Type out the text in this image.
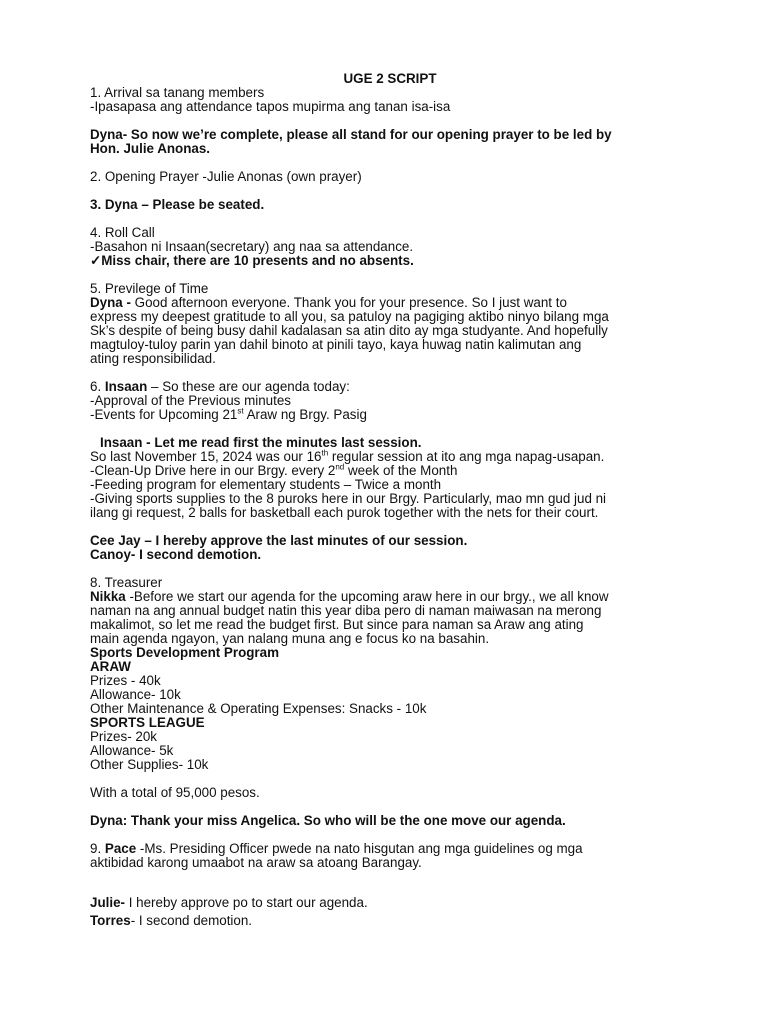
UGE 2 SCRIPT
1. Arrival sa tanang members
-Ipasapasa ang attendance tapos mupirma ang tanan isa-isa
Dyna- So now we’re complete, please all stand for our opening prayer to be led by
Hon. Julie Anonas.
2. Opening Prayer -Julie Anonas (own prayer)
3. Dyna – Please be seated.
4. Roll Call
-Basahon ni Insaan(secretary) ang naa sa attendance.
✓Miss chair, there are 10 presents and no absents.
5. Previlege of Time
Dyna - Good afternoon everyone. Thank you for your presence. So I just want to
express my deepest gratitude to all you, sa patuloy na pagiging aktibo ninyo bilang mga
Sk’s despite of being busy dahil kadalasan sa atin dito ay mga studyante. And hopefully
magtuloy-tuloy parin yan dahil binoto at pinili tayo, kaya huwag natin kalimutan ang
ating responsibilidad.
6. Insaan – So these are our agenda today:
-Approval of the Previous minutes
-Events for Upcoming 21st Araw ng Brgy. Pasig
Insaan - Let me read first the minutes last session.
So last November 15, 2024 was our 16th regular session at ito ang mga napag-usapan.
-Clean-Up Drive here in our Brgy. every 2nd week of the Month
-Feeding program for elementary students – Twice a month
-Giving sports supplies to the 8 puroks here in our Brgy. Particularly, mao mn gud jud ni
ilang gi request, 2 balls for basketball each purok together with the nets for their court.
Cee Jay – I hereby approve the last minutes of our session.
Canoy- I second demotion.
8. Treasurer
Nikka -Before we start our agenda for the upcoming araw here in our brgy., we all know
naman na ang annual budget natin this year diba pero di naman maiwasan na merong
makalimot, so let me read the budget first. But since para naman sa Araw ang ating
main agenda ngayon, yan nalang muna ang e focus ko na basahin.
Sports Development Program
ARAW
Prizes - 40k
Allowance- 10k
Other Maintenance & Operating Expenses: Snacks - 10k
SPORTS LEAGUE
Prizes- 20k
Allowance- 5k
Other Supplies- 10k
With a total of 95,000 pesos.
Dyna: Thank your miss Angelica. So who will be the one move our agenda.
9. Pace -Ms. Presiding Officer pwede na nato hisgutan ang mga guidelines og mga
aktibidad karong umaabot na araw sa atoang Barangay.
Julie- I hereby approve po to start our agenda.
Torres- I second demotion.
